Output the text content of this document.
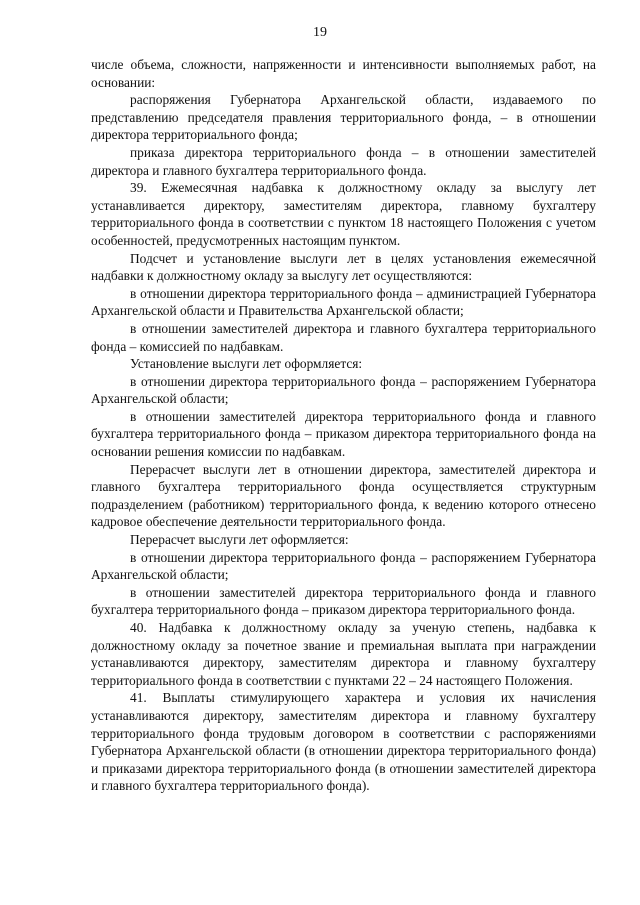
19

числе объема, сложности, напряженности и интенсивности выполняемых работ, на основании:

распоряжения Губернатора Архангельской области, издаваемого по представлению председателя правления территориального фонда, – в отношении директора территориального фонда;

приказа директора территориального фонда – в отношении заместителей директора и главного бухгалтера территориального фонда.

39. Ежемесячная надбавка к должностному окладу за выслугу лет устанавливается директору, заместителям директора, главному бухгалтеру территориального фонда в соответствии с пунктом 18 настоящего Положения с учетом особенностей, предусмотренных настоящим пунктом.

Подсчет и установление выслуги лет в целях установления ежемесячной надбавки к должностному окладу за выслугу лет осуществляются:

в отношении директора территориального фонда – администрацией Губернатора Архангельской области и Правительства Архангельской области;

в отношении заместителей директора и главного бухгалтера территориального фонда – комиссией по надбавкам.

Установление выслуги лет оформляется:

в отношении директора территориального фонда – распоряжением Губернатора Архангельской области;

в отношении заместителей директора территориального фонда и главного бухгалтера территориального фонда – приказом директора территориального фонда на основании решения комиссии по надбавкам.

Перерасчет выслуги лет в отношении директора, заместителей директора и главного бухгалтера территориального фонда осуществляется структурным подразделением (работником) территориального фонда, к ведению которого отнесено кадровое обеспечение деятельности территориального фонда.

Перерасчет выслуги лет оформляется:

в отношении директора территориального фонда – распоряжением Губернатора Архангельской области;

в отношении заместителей директора территориального фонда и главного бухгалтера территориального фонда – приказом директора территориального фонда.

40. Надбавка к должностному окладу за ученую степень, надбавка к должностному окладу за почетное звание и премиальная выплата при награждении устанавливаются директору, заместителям директора и главному бухгалтеру территориального фонда в соответствии с пунктами 22 – 24 настоящего Положения.

41. Выплаты стимулирующего характера и условия их начисления устанавливаются директору, заместителям директора и главному бухгалтеру территориального фонда трудовым договором в соответствии с распоряжениями Губернатора Архангельской области (в отношении директора территориального фонда) и приказами директора территориального фонда (в отношении заместителей директора и главного бухгалтера территориального фонда).
